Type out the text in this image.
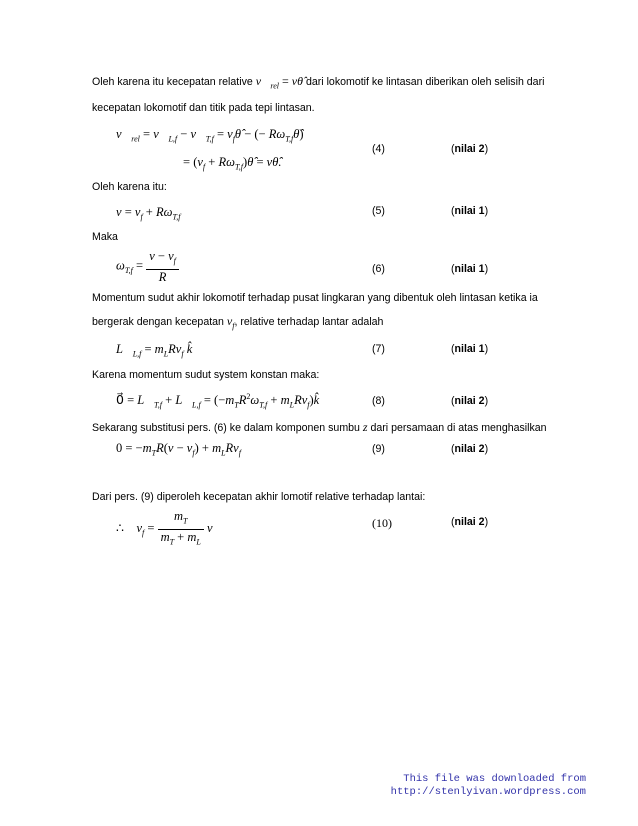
Oleh karena itu kecepatan relative $v⃗_{rel}$ = vθ̂ dari lokomotif ke lintasan diberikan oleh selisih dari
kecepatan lokomotif dan titik pada tepi lintasan.
$v⃗_{rel}$ = $v⃗_{L,f}$ − $v⃗_{T,f}$ = $v_f\thetâ$ − (− $R\omega_{T,f}\thetâ$)
= ($v_f$ + $R\omega_{T,f})\thetâ$ = vθ̂.
(4)	(nilai 2)
Oleh karena itu:
$v = v_f + R\omega_{T,f}$	(5)	(nilai 1)
Maka
$\omega_{T,f} = \frac{v - v_f}{R}$	(6)	(nilai 1)
Momentum sudut akhir lokomotif terhadap pusat lingkaran yang dibentuk oleh lintasan ketika ia
bergerak dengan kecepatan $v_f$, relative terhadap lantar adalah
$L⃗_{L,f} = m_LRv_f$ k̂	(7)	(nilai 1)
Karena momentum sudut system konstan maka:
0⃗ = $L⃗_{T,f}$ + $L⃗_{L,f} = (-m_TR^2\omega_{T,f}$ + $m_LRv_f)k̂$	(8)	(nilai 2)
Sekarang substitusi pers. (6) ke dalam komponen sumbu z dari persamaan di atas menghasilkan
$0 = -m_TR(v - v_f) + m_LRv_f$	(9)	(nilai 2)
Dari pers. (9) diperoleh kecepatan akhir lomotif relative terhadap lantai:
∴    $v_f = \frac{m_T}{m_T + m_L}$ v	(10)	(nilai 2)
This file was downloaded from
http://stenlyivan.wordpress.com
